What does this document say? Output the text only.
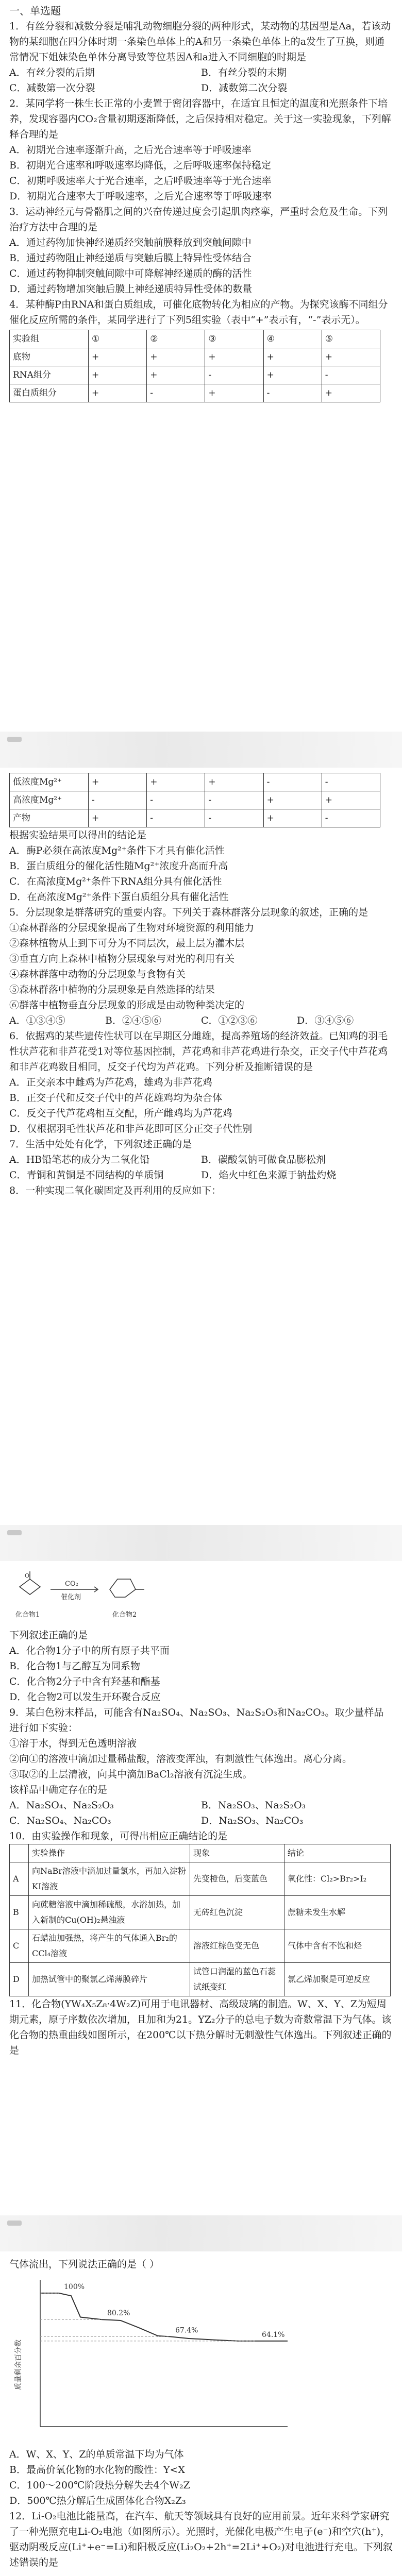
一、单选题
1．有丝分裂和减数分裂是哺乳动物细胞分裂的两种形式，某动物的基因型是Aa，若该动物的某细胞在四分体时期一条染色单体上的A和另一条染色单体上的a发生了互换，则通常情况下姐妹染色单体分离导致等位基因A和a进入不同细胞的时期是
A．有丝分裂的后期	B．有丝分裂的末期
C．减数第一次分裂	D．减数第二次分裂
2．某同学将一株生长正常的小麦置于密闭容器中，在适宜且恒定的温度和光照条件下培养，发现容器内CO₂含量初期逐渐降低，之后保持相对稳定。关于这一实验现象，下列解释合理的是
A．初期光合速率逐渐升高，之后光合速率等于呼吸速率
B．初期光合速率和呼吸速率均降低，之后呼吸速率保持稳定
C．初期呼吸速率大于光合速率，之后呼吸速率等于光合速率
D．初期光合速率大于呼吸速率，之后光合速率等于呼吸速率
3．运动神经元与骨骼肌之间的兴奋传递过度会引起肌肉痉挛，严重时会危及生命。下列治疗方法中合理的是
A．通过药物加快神经递质经突触前膜释放到突触间隙中
B．通过药物阻止神经递质与突触后膜上特异性受体结合
C．通过药物抑制突触间隙中可降解神经递质的酶的活性
D．通过药物增加突触后膜上神经递质特异性受体的数量
4．某种酶P由RNA和蛋白质组成，可催化底物转化为相应的产物。为探究该酶不同组分催化反应所需的条件，某同学进行了下列5组实验（表中“+”表示有，“-”表示无）。
实验组	①	②	③	④	⑤
底物	+	+	+	+	+
RNA组分	+	+	-	+	-
蛋白质组分	+	-	+	-	+
低浓度Mg²⁺	+	+	+	-	-
高浓度Mg²⁺	-	-	-	+	+
产物	+	-	-	+	-
根据实验结果可以得出的结论是
A．酶P必须在高浓度Mg²⁺条件下才具有催化活性
B．蛋白质组分的催化活性随Mg²⁺浓度升高而升高
C．在高浓度Mg²⁺条件下RNA组分具有催化活性
D．在高浓度Mg²⁺条件下蛋白质组分具有催化活性
5．分层现象是群落研究的重要内容。下列关于森林群落分层现象的叙述，正确的是
①森林群落的分层现象提高了生物对环境资源的利用能力
②森林植物从上到下可分为不同层次，最上层为灌木层
③垂直方向上森林中植物分层现象与对光的利用有关
④森林群落中动物的分层现象与食物有关
⑤森林群落中植物的分层现象是自然选择的结果
⑥群落中植物垂直分层现象的形成是由动物种类决定的
A．①③④⑤	B．②④⑤⑥	C．①②③⑥	D．③④⑤⑥
6．依据鸡的某些遗传性状可以在早期区分雌雄，提高养殖场的经济效益。已知鸡的羽毛性状芦花和非芦花受1对等位基因控制，芦花鸡和非芦花鸡进行杂交，正交子代中芦花鸡和非芦花鸡数目相同，反交子代均为芦花鸡。下列分析及推断错误的是
A．正交亲本中雌鸡为芦花鸡，雄鸡为非芦花鸡
B．正交子代和反交子代中的芦花雄鸡均为杂合体
C．反交子代芦花鸡相互交配，所产雌鸡均为芦花鸡
D．仅根据羽毛性状芦花和非芦花即可区分正交子代性别
7．生活中处处有化学，下列叙述正确的是
A．HB铅笔芯的成分为二氧化铅	B．碳酸氢钠可做食品膨松剂
C．青铜和黄铜是不同结构的单质铜	D．焰火中红色来源于钠盐灼烧
8．一种实现二氧化碳固定及再利用的反应如下：
O
CO₂
催化剂
化合物1	化合物2
下列叙述正确的是
A．化合物1分子中的所有原子共平面
B．化合物1与乙醇互为同系物
C．化合物2分子中含有羟基和酯基
D．化合物2可以发生开环聚合反应
9．某白色粉末样品，可能含有Na₂SO₄、Na₂SO₃、Na₂S₂O₃和Na₂CO₃。取少量样品进行如下实验：
①溶于水，得到无色透明溶液
②向①的溶液中滴加过量稀盐酸，溶液变浑浊，有刺激性气体逸出。离心分离。
③取②的上层清液，向其中滴加BaCl₂溶液有沉淀生成。
该样品中确定存在的是
A．Na₂SO₄、Na₂S₂O₃	B．Na₂SO₃、Na₂S₂O₃
C．Na₂SO₄、Na₂CO₃	D．Na₂SO₃、Na₂CO₃
10．由实验操作和现象，可得出相应正确结论的是
	实验操作	现象	结论
A	向NaBr溶液中滴加过量氯水，再加入淀粉KI溶液	先变橙色，后变蓝色	氧化性：Cl₂>Br₂>I₂
B	向蔗糖溶液中滴加稀硫酸，水浴加热，加入新制的Cu(OH)₂悬浊液	无砖红色沉淀	蔗糖未发生水解
C	石蜡油加强热，将产生的气体通入Br₂的CCl₄溶液	溶液红棕色变无色	气体中含有不饱和烃
D	加热试管中的聚氯乙烯薄膜碎片	试管口润湿的蓝色石蕊试纸变红	氯乙烯加聚是可逆反应
11．化合物(YW₄X₅Z₈·4W₂Z)可用于电讯器材、高级玻璃的制造。W、X、Y、Z为短周期元素，原子序数依次增加，且加和为21。YZ₂分子的总电子数为奇数常温下为气体。该化合物的热重曲线如图所示，在200℃以下热分解时无刺激性气体逸出。下列叙述正确的是
气体流出，下列说法正确的是（ ）
质量剩余百分数
100%
80.2%
67.4%
64.1%
A．W、X、Y、Z的单质常温下均为气体
B．最高价氧化物的水化物的酸性：Y<X
C．100～200℃阶段热分解失去4个W₂Z
D．500℃热分解后生成固体化合物X₂Z₃
12．Li-O₂电池比能量高，在汽车、航天等领域具有良好的应用前景。近年来科学家研究了一种光照充电Li-O₂电池（如图所示）。光照时，光催化电极产生电子(e⁻)和空穴(h⁺)，驱动阴极反应(Li⁺+e⁻=Li)和阳极反应(Li₂O₂+2h⁺=2Li⁺+O₂)对电池进行充电。下列叙述错误的是
